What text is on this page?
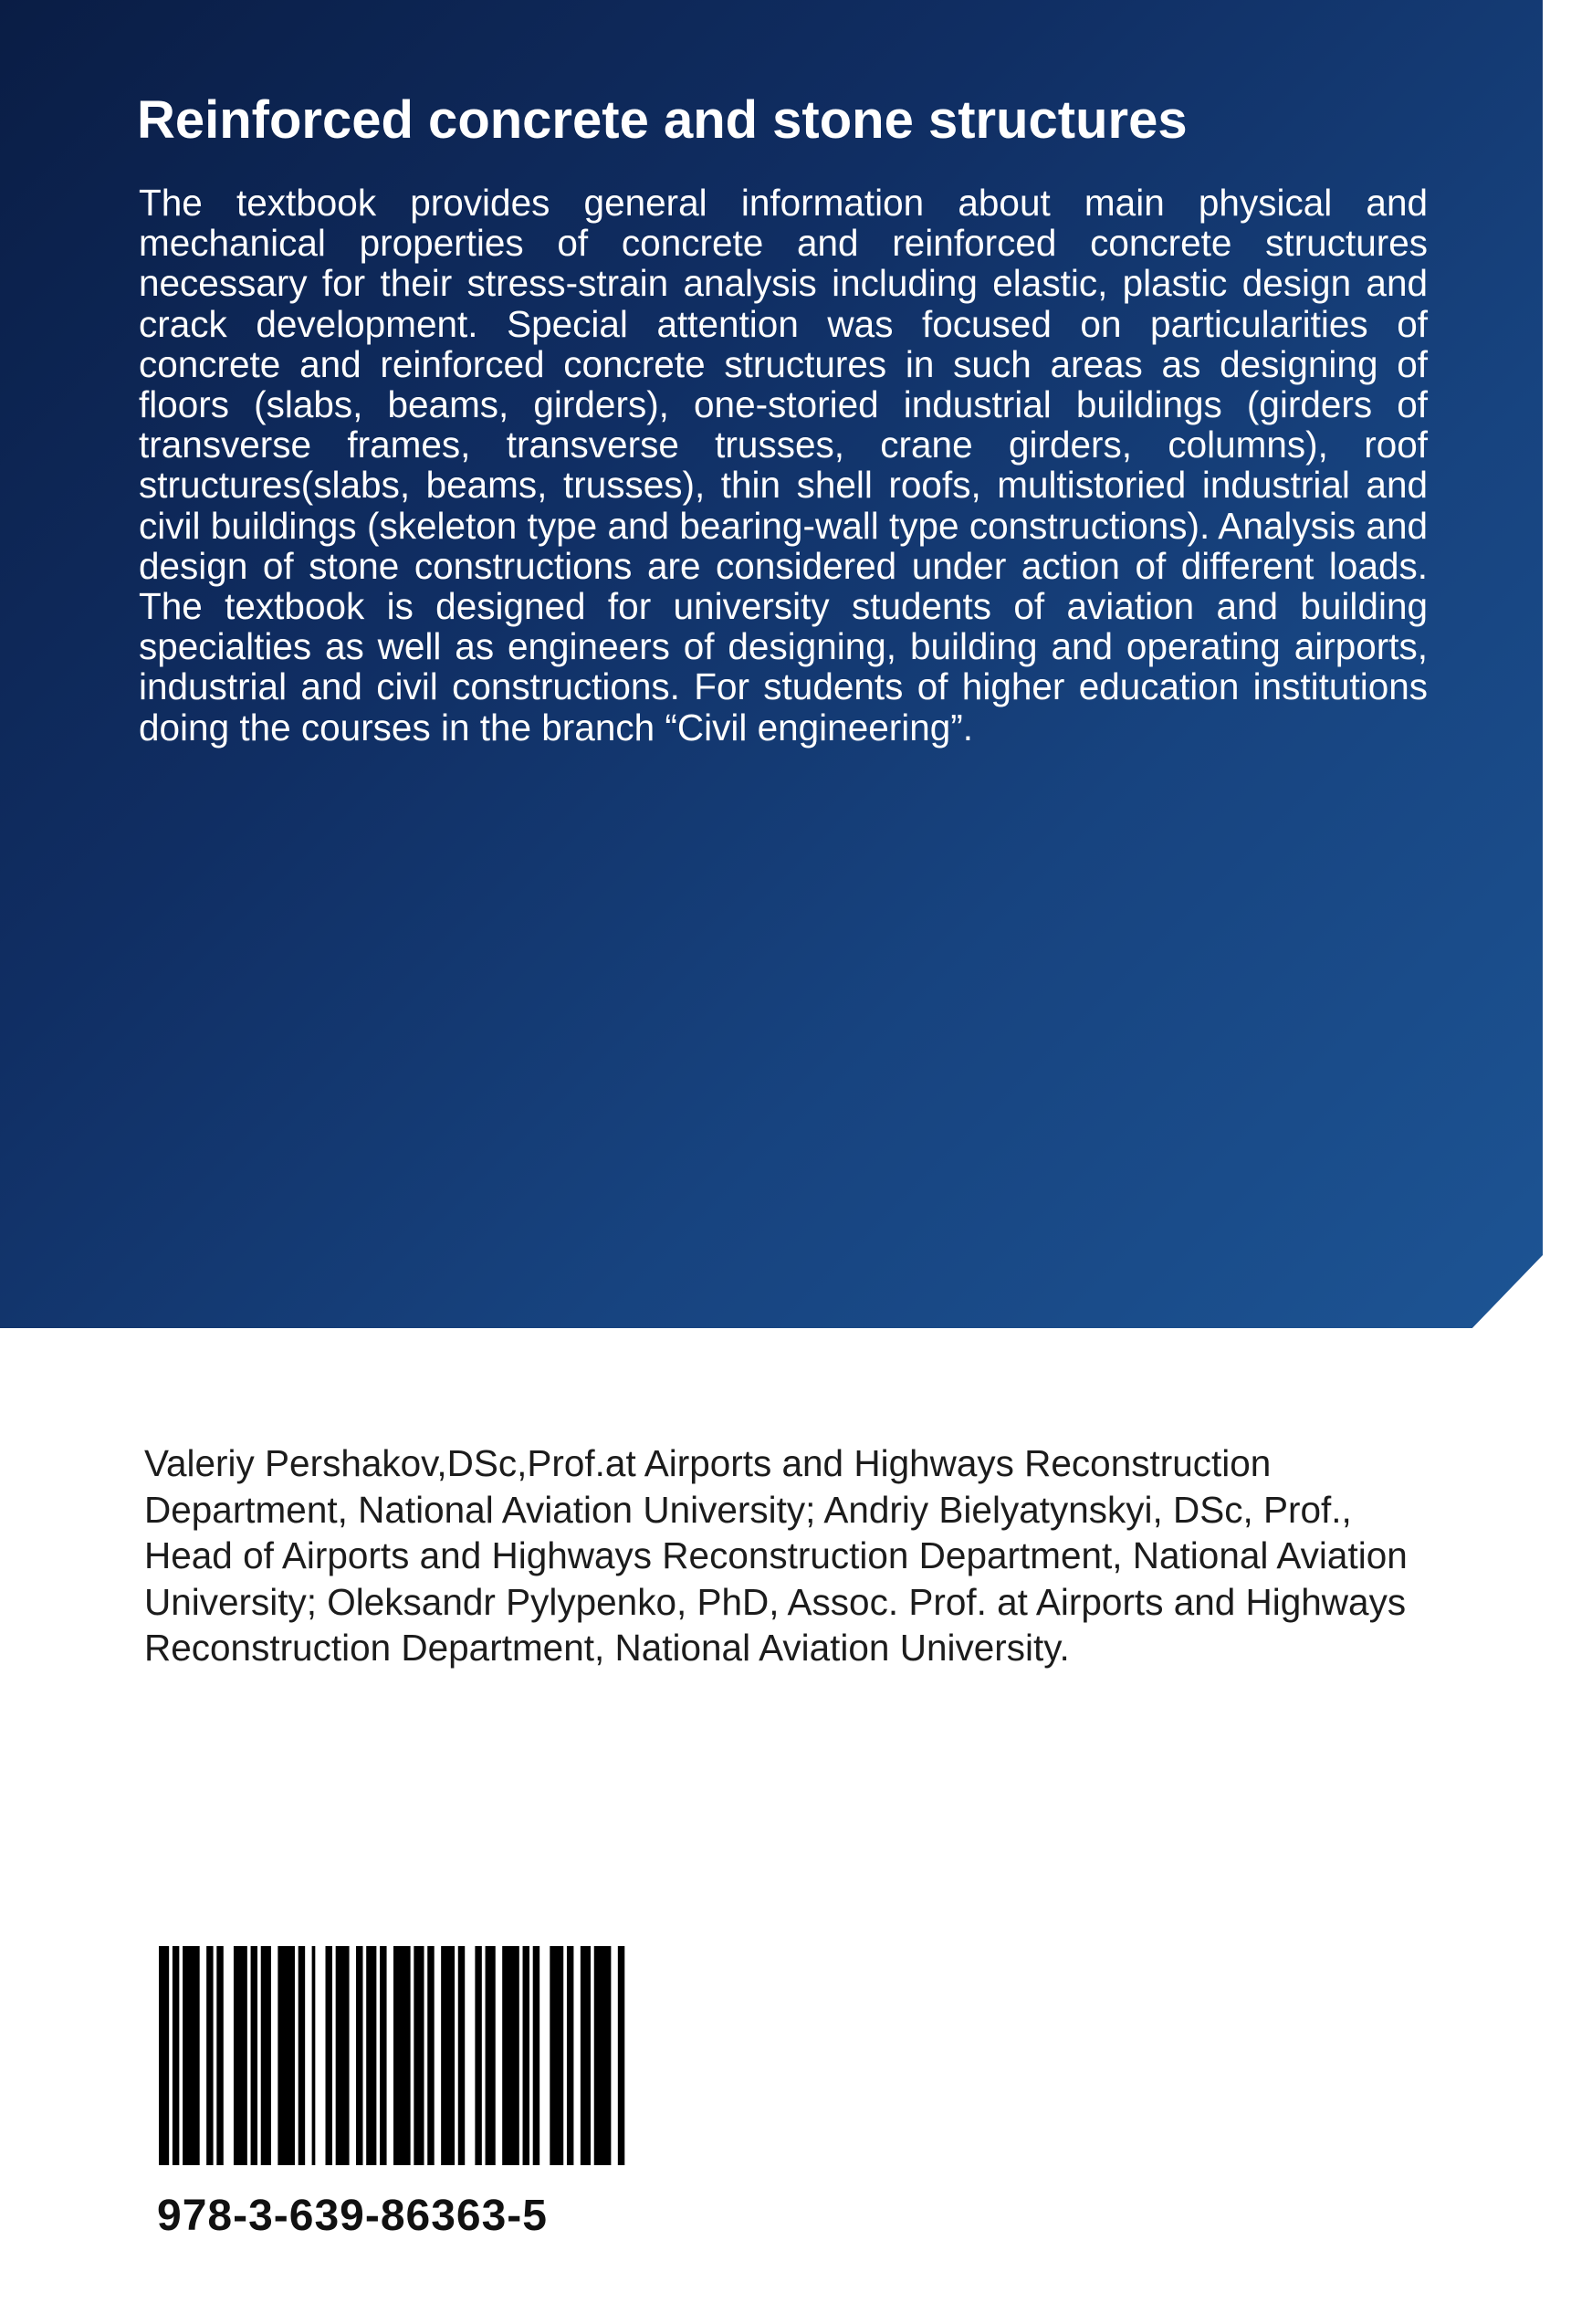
Reinforced concrete and stone structures

The textbook provides general information about main physical and mechanical properties of concrete and reinforced concrete structures necessary for their stress-strain analysis including elastic, plastic design and crack development. Special attention was focused on particularities of concrete and reinforced concrete structures in such areas as designing of floors (slabs, beams, girders), one-storied industrial buildings (girders of transverse frames, transverse trusses, crane girders, columns), roof structures(slabs, beams, trusses), thin shell roofs, multistoried industrial and civil buildings (skeleton type and bearing-wall type constructions). Analysis and design of stone constructions are considered under action of different loads. The textbook is designed for university students of aviation and building specialties as well as engineers of designing, building and operating airports, industrial and civil constructions. For students of higher education institutions doing the courses in the branch “Civil engineering”.

Valeriy Pershakov,DSc,Prof.at Airports and Highways Reconstruction Department, National Aviation University; Andriy Bielyatynskyi, DSc, Prof., Head of Airports and Highways Reconstruction Department, National Aviation University; Oleksandr Pylypenko, PhD, Assoc. Prof. at Airports and Highways Reconstruction Department, National Aviation University.

978-3-639-86363-5
